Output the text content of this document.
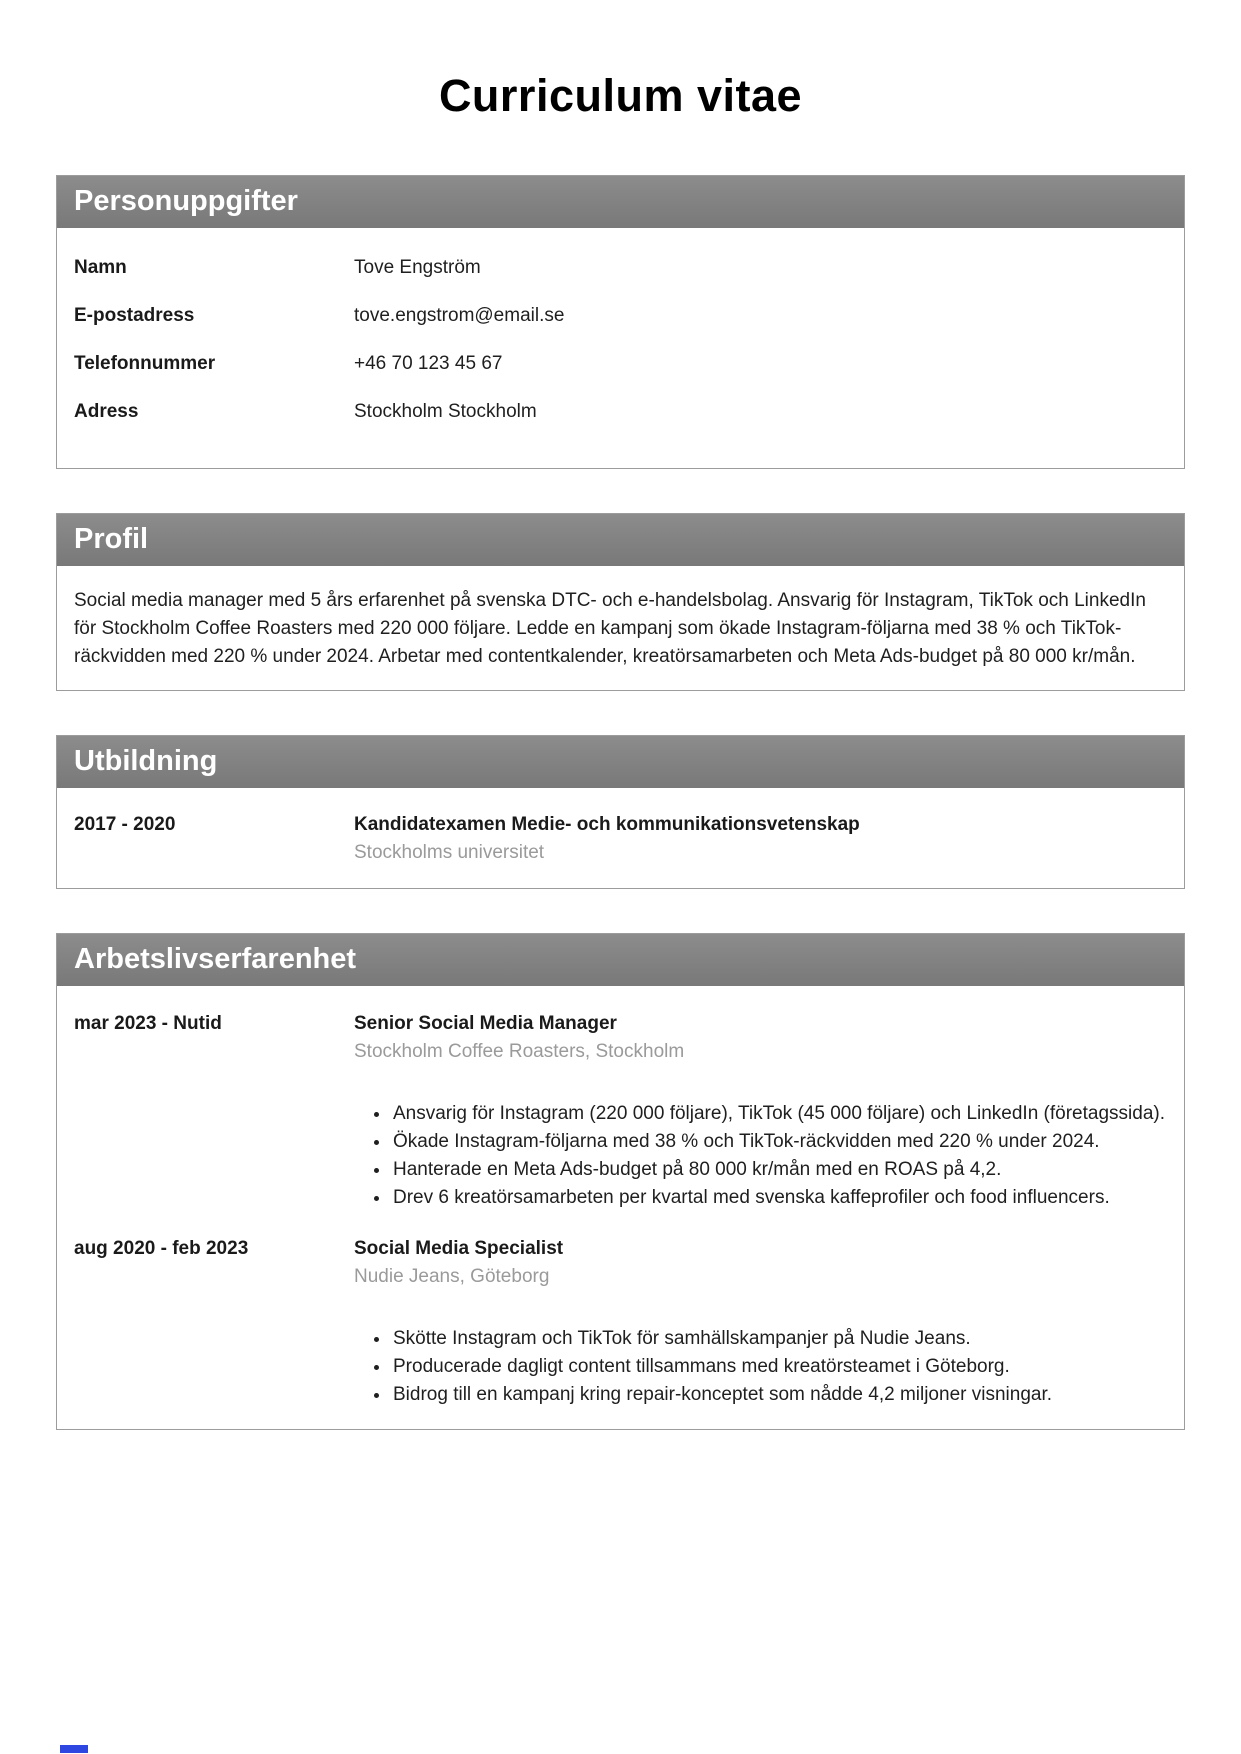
Curriculum vitae
Personuppgifter
Namn	Tove Engström
E-postadress	tove.engstrom@email.se
Telefonnummer	+46 70 123 45 67
Adress	Stockholm Stockholm
Profil

Social media manager med 5 års erfarenhet på svenska DTC- och e-handelsbolag. Ansvarig för Instagram, TikTok och LinkedIn för Stockholm Coffee Roasters med 220 000 följare. Ledde en kampanj som ökade Instagram-följarna med 38 % och TikTok-räckvidden med 220 % under 2024. Arbetar med contentkalender, kreatörsamarbeten och Meta Ads-budget på 80 000 kr/mån.

Utbildning
2017 - 2020	Kandidatexamen Medie- och kommunikationsvetenskap
Stockholms universitet
Arbetslivserfarenhet
mar 2023 - Nutid	Senior Social Media Manager
Stockholm Coffee Roasters, Stockholm
• Ansvarig för Instagram (220 000 följare), TikTok (45 000 följare) och LinkedIn (företagssida).
• Ökade Instagram-följarna med 38 % och TikTok-räckvidden med 220 % under 2024.
• Hanterade en Meta Ads-budget på 80 000 kr/mån med en ROAS på 4,2.
• Drev 6 kreatörsamarbeten per kvartal med svenska kaffeprofiler och food influencers.
aug 2020 - feb 2023	Social Media Specialist
Nudie Jeans, Göteborg
• Skötte Instagram och TikTok för samhällskampanjer på Nudie Jeans.
• Producerade dagligt content tillsammans med kreatörsteamet i Göteborg.
• Bidrog till en kampanj kring repair-konceptet som nådde 4,2 miljoner visningar.
